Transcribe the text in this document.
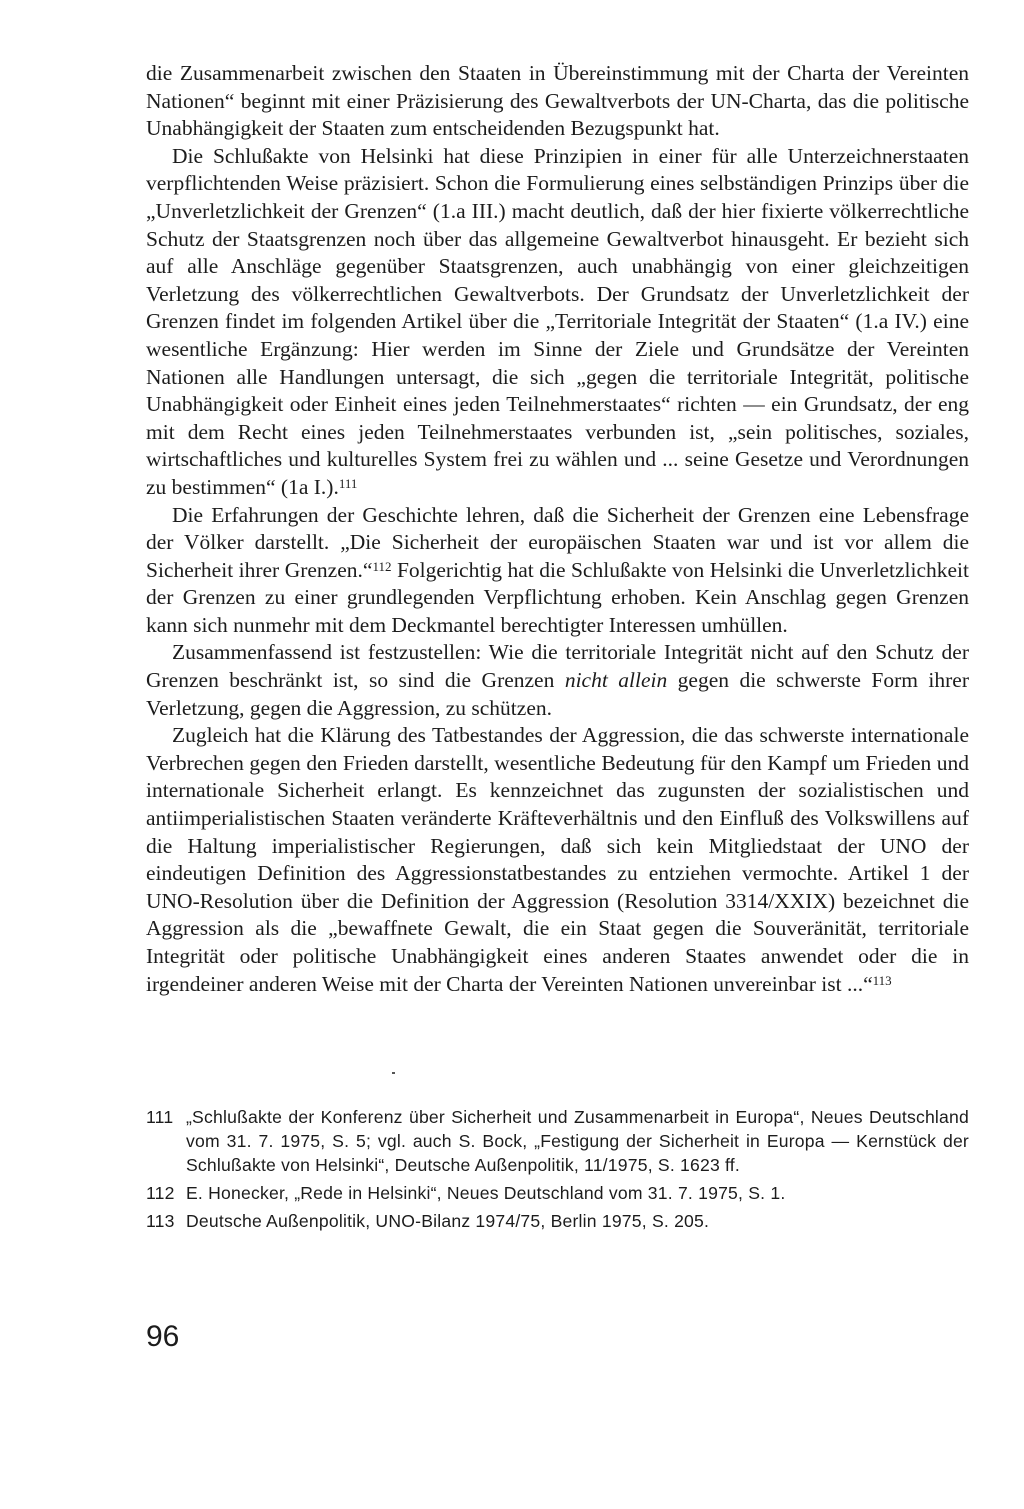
die Zusammenarbeit zwischen den Staaten in Übereinstimmung mit der Charta der Vereinten Nationen“ beginnt mit einer Präzisierung des Gewaltverbots der UN-Charta, das die politische Unabhängigkeit der Staaten zum entscheidenden Bezugspunkt hat.

Die Schlußakte von Helsinki hat diese Prinzipien in einer für alle Unterzeichnerstaaten verpflichtenden Weise präzisiert. Schon die Formulierung eines selbständigen Prinzips über die „Unverletzlichkeit der Grenzen“ (1.a III.) macht deutlich, daß der hier fixierte völkerrechtliche Schutz der Staatsgrenzen noch über das allgemeine Gewaltverbot hinausgeht. Er bezieht sich auf alle Anschläge gegenüber Staatsgrenzen, auch unabhängig von einer gleichzeitigen Verletzung des völkerrechtlichen Gewaltverbots. Der Grundsatz der Unverletzlichkeit der Grenzen findet im folgenden Artikel über die „Territoriale Integrität der Staaten“ (1.a IV.) eine wesentliche Ergänzung: Hier werden im Sinne der Ziele und Grundsätze der Vereinten Nationen alle Handlungen untersagt, die sich „gegen die territoriale Integrität, politische Unabhängigkeit oder Einheit eines jeden Teilnehmerstaates“ richten — ein Grundsatz, der eng mit dem Recht eines jeden Teilnehmerstaates verbunden ist, „sein politisches, soziales, wirtschaftliches und kulturelles System frei zu wählen und ... seine Gesetze und Verordnungen zu bestimmen“ (1a I.).$^{111}$

Die Erfahrungen der Geschichte lehren, daß die Sicherheit der Grenzen eine Lebensfrage der Völker darstellt. „Die Sicherheit der europäischen Staaten war und ist vor allem die Sicherheit ihrer Grenzen.“$^{112}$ Folgerichtig hat die Schlußakte von Helsinki die Unverletzlichkeit der Grenzen zu einer grundlegenden Verpflichtung erhoben. Kein Anschlag gegen Grenzen kann sich nunmehr mit dem Deckmantel berechtigter Interessen umhüllen.

Zusammenfassend ist festzustellen: Wie die territoriale Integrität nicht auf den Schutz der Grenzen beschränkt ist, so sind die Grenzen nicht allein gegen die schwerste Form ihrer Verletzung, gegen die Aggression, zu schützen.

Zugleich hat die Klärung des Tatbestandes der Aggression, die das schwerste internationale Verbrechen gegen den Frieden darstellt, wesentliche Bedeutung für den Kampf um Frieden und internationale Sicherheit erlangt. Es kennzeichnet das zugunsten der sozialistischen und antiimperialistischen Staaten veränderte Kräfteverhältnis und den Einfluß des Volkswillens auf die Haltung imperialistischer Regierungen, daß sich kein Mitgliedstaat der UNO der eindeutigen Definition des Aggressionstatbestandes zu entziehen vermochte. Artikel 1 der UNO-Resolution über die Definition der Aggression (Resolution 3314/XXIX) bezeichnet die Aggression als die „bewaffnete Gewalt, die ein Staat gegen die Souveränität, territoriale Integrität oder politische Unabhängigkeit eines anderen Staates anwendet oder die in irgendeiner anderen Weise mit der Charta der Vereinten Nationen unvereinbar ist ...“$^{113}$

111 „Schlußakte der Konferenz über Sicherheit und Zusammenarbeit in Europa“, Neues Deutschland vom 31. 7. 1975, S. 5; vgl. auch S. Bock, „Festigung der Sicherheit in Europa — Kernstück der Schlußakte von Helsinki“, Deutsche Außenpolitik, 11/1975, S. 1623 ff.
112 E. Honecker, „Rede in Helsinki“, Neues Deutschland vom 31. 7. 1975, S. 1.
113 Deutsche Außenpolitik, UNO-Bilanz 1974/75, Berlin 1975, S. 205.
96
